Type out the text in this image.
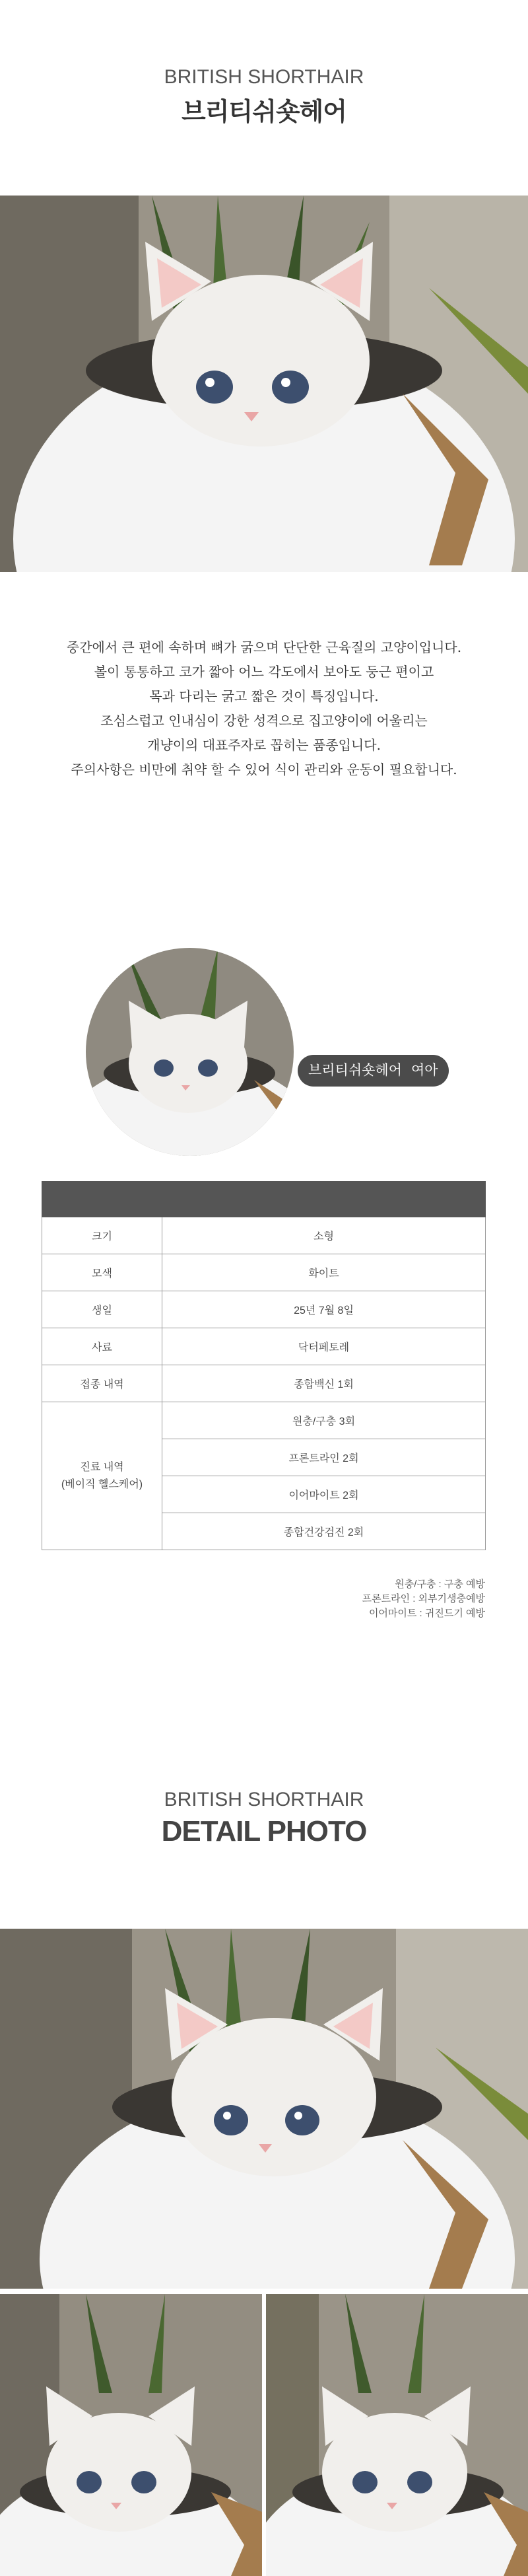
BRITISH SHORTHAIR
브리티쉬숏헤어

중간에서 큰 편에 속하며 뼈가 굵으며 단단한 근육질의 고양이입니다.

볼이 통통하고 코가 짧아 어느 각도에서 보아도 둥근 편이고

목과 다리는 굵고 짧은 것이 특징입니다.

조심스럽고 인내심이 강한 성격으로 집고양이에 어울리는

개냥이의 대표주자로 꼽히는 품종입니다.

주의사항은 비만에 취약 할 수 있어 식이 관리와 운동이 필요합니다.

브리티쉬숏헤어 여아

크기	소형
모색	화이트
생일	25년 7월 8일
사료	닥터페토레
접종 내역	종합백신 1회

진료 내역
(베이직 헬스케어)	원충/구충 3회
	프론트라인 2회
	이어마이트 2회
	종합건강검진 2회
원충/구충 : 구충 예방
프론트라인 : 외부기생충예방
이어마이트 : 귀진드기 예방
BRITISH SHORTHAIR
DETAIL PHOTO
